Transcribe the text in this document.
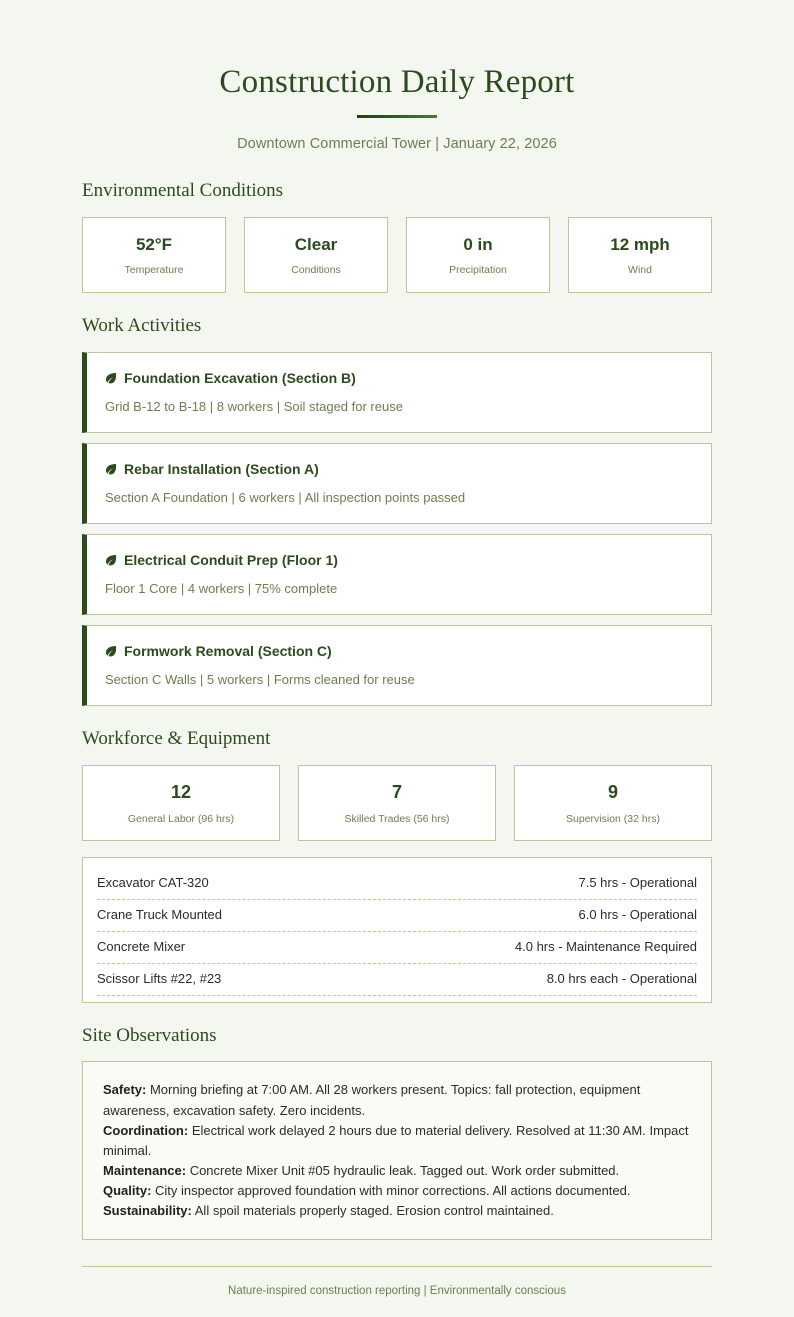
Construction Daily Report
Downtown Commercial Tower | January 22, 2026
Environmental Conditions
52°F
Temperature
Clear
Conditions
0 in
Precipitation
12 mph
Wind
Work Activities
Foundation Excavation (Section B)
Grid B-12 to B-18 | 8 workers | Soil staged for reuse
Rebar Installation (Section A)
Section A Foundation | 6 workers | All inspection points passed
Electrical Conduit Prep (Floor 1)
Floor 1 Core | 4 workers | 75% complete
Formwork Removal (Section C)
Section C Walls | 5 workers | Forms cleaned for reuse
Workforce & Equipment
12
General Labor (96 hrs)
7
Skilled Trades (56 hrs)
9
Supervision (32 hrs)
Excavator CAT-320	7.5 hrs - Operational
Crane Truck Mounted	6.0 hrs - Operational
Concrete Mixer	4.0 hrs - Maintenance Required
Scissor Lifts #22, #23	8.0 hrs each - Operational
Site Observations
Safety: Morning briefing at 7:00 AM. All 28 workers present. Topics: fall protection, equipment awareness, excavation safety. Zero incidents.
Coordination: Electrical work delayed 2 hours due to material delivery. Resolved at 11:30 AM. Impact minimal.
Maintenance: Concrete Mixer Unit #05 hydraulic leak. Tagged out. Work order submitted.
Quality: City inspector approved foundation with minor corrections. All actions documented.
Sustainability: All spoil materials properly staged. Erosion control maintained.
Nature-inspired construction reporting | Environmentally conscious
